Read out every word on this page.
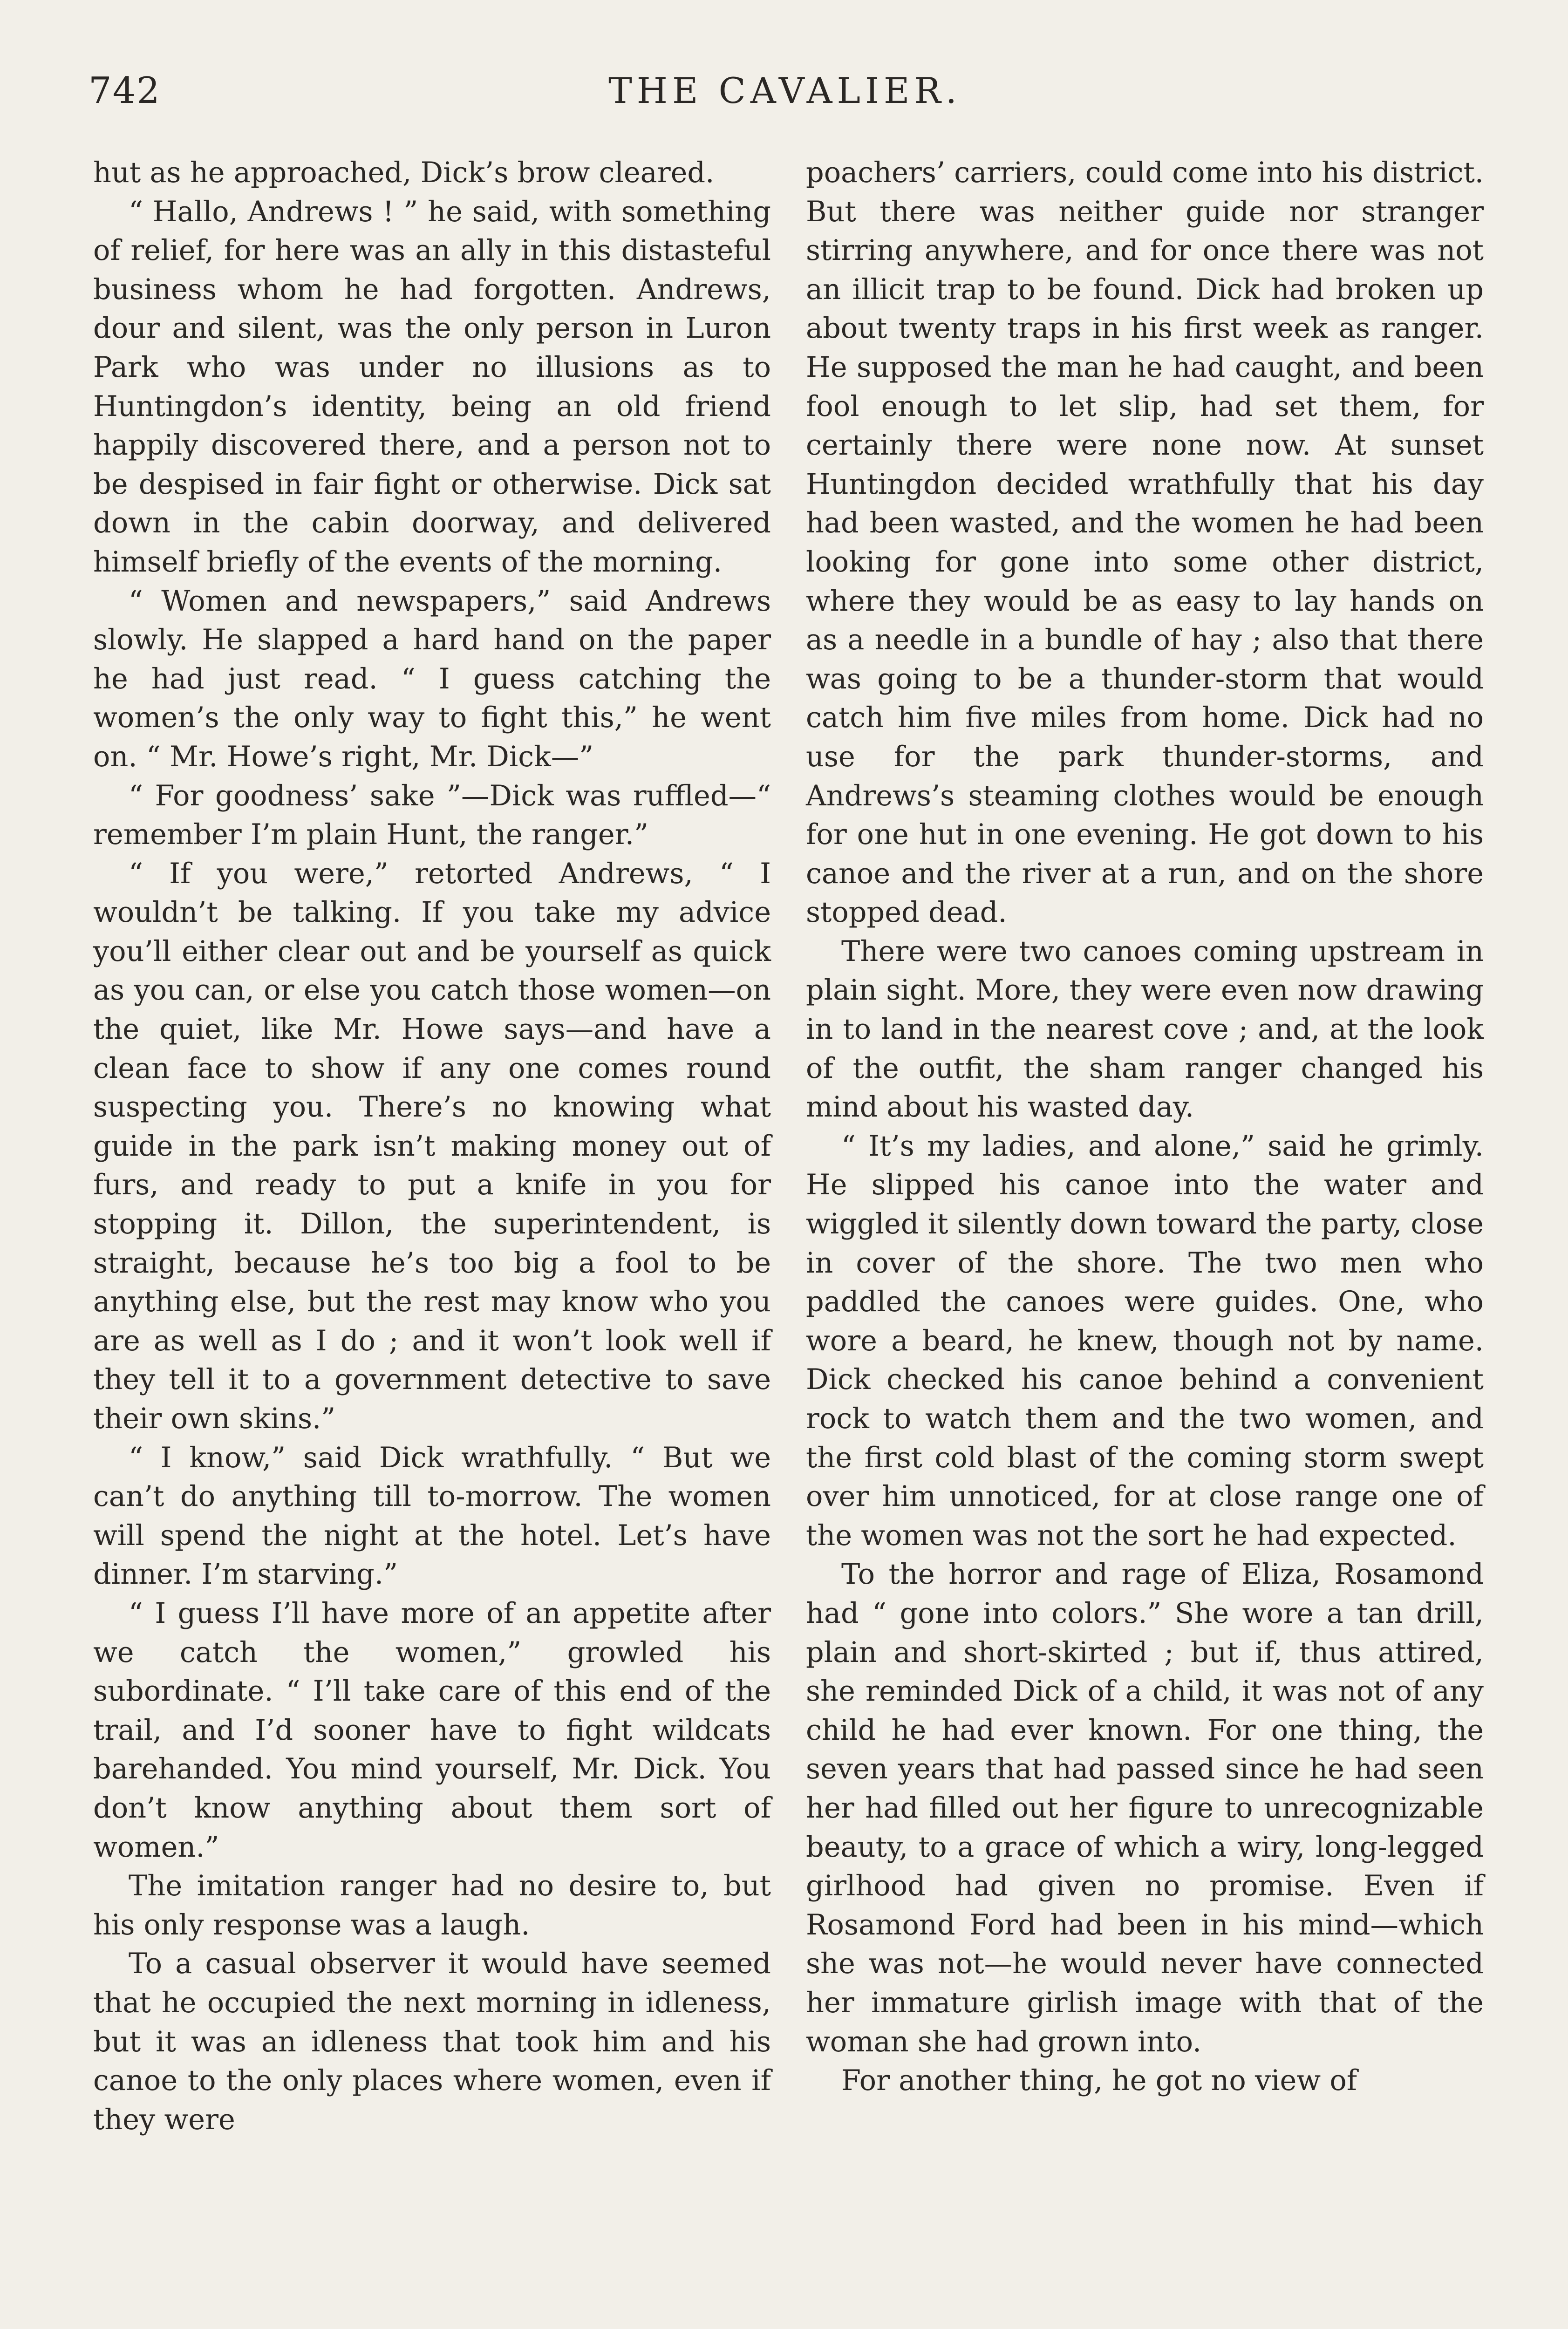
742	THE CAVALIER.

hut as he approached, Dick’s brow cleared.

“ Hallo, Andrews ! ” he said, with something of relief, for here was an ally in this distasteful business whom he had forgotten. Andrews, dour and silent, was the only person in Luron Park who was under no illusions as to Huntingdon’s identity, being an old friend happily discovered there, and a person not to be despised in fair fight or otherwise. Dick sat down in the cabin doorway, and delivered himself briefly of the events of the morning.

“ Women and newspapers,” said Andrews slowly. He slapped a hard hand on the paper he had just read. “ I guess catching the women’s the only way to fight this,” he went on. “ Mr. Howe’s right, Mr. Dick—”

“ For goodness’ sake ”—Dick was ruffled—“ remember I’m plain Hunt, the ranger.”

“ If you were,” retorted Andrews, “ I wouldn’t be talking. If you take my advice you’ll either clear out and be yourself as quick as you can, or else you catch those women—on the quiet, like Mr. Howe says—and have a clean face to show if any one comes round suspecting you. There’s no knowing what guide in the park isn’t making money out of furs, and ready to put a knife in you for stopping it. Dillon, the superintendent, is straight, because he’s too big a fool to be anything else, but the rest may know who you are as well as I do ; and it won’t look well if they tell it to a government detective to save their own skins.”

“ I know,” said Dick wrathfully. “ But we can’t do anything till to-morrow. The women will spend the night at the hotel. Let’s have dinner. I’m starving.”

“ I guess I’ll have more of an appetite after we catch the women,” growled his subordinate. “ I’ll take care of this end of the trail, and I’d sooner have to fight wildcats barehanded. You mind yourself, Mr. Dick. You don’t know anything about them sort of women.”

The imitation ranger had no desire to, but his only response was a laugh.

To a casual observer it would have seemed that he occupied the next morning in idleness, but it was an idleness that took him and his canoe to the only places where women, even if they were

poachers’ carriers, could come into his district. But there was neither guide nor stranger stirring anywhere, and for once there was not an illicit trap to be found. Dick had broken up about twenty traps in his first week as ranger. He supposed the man he had caught, and been fool enough to let slip, had set them, for certainly there were none now. At sunset Huntingdon decided wrathfully that his day had been wasted, and the women he had been looking for gone into some other district, where they would be as easy to lay hands on as a needle in a bundle of hay ; also that there was going to be a thunder-storm that would catch him five miles from home. Dick had no use for the park thunder-storms, and Andrews’s steaming clothes would be enough for one hut in one evening. He got down to his canoe and the river at a run, and on the shore stopped dead.

There were two canoes coming upstream in plain sight. More, they were even now drawing in to land in the nearest cove ; and, at the look of the outfit, the sham ranger changed his mind about his wasted day.

“ It’s my ladies, and alone,” said he grimly. He slipped his canoe into the water and wiggled it silently down toward the party, close in cover of the shore. The two men who paddled the canoes were guides. One, who wore a beard, he knew, though not by name. Dick checked his canoe behind a convenient rock to watch them and the two women, and the first cold blast of the coming storm swept over him unnoticed, for at close range one of the women was not the sort he had expected.

To the horror and rage of Eliza, Rosamond had “ gone into colors.” She wore a tan drill, plain and short-skirted ; but if, thus attired, she reminded Dick of a child, it was not of any child he had ever known. For one thing, the seven years that had passed since he had seen her had filled out her figure to unrecognizable beauty, to a grace of which a wiry, long-legged girlhood had given no promise. Even if Rosamond Ford had been in his mind—which she was not—he would never have connected her immature girlish image with that of the woman she had grown into.

For another thing, he got no view of
